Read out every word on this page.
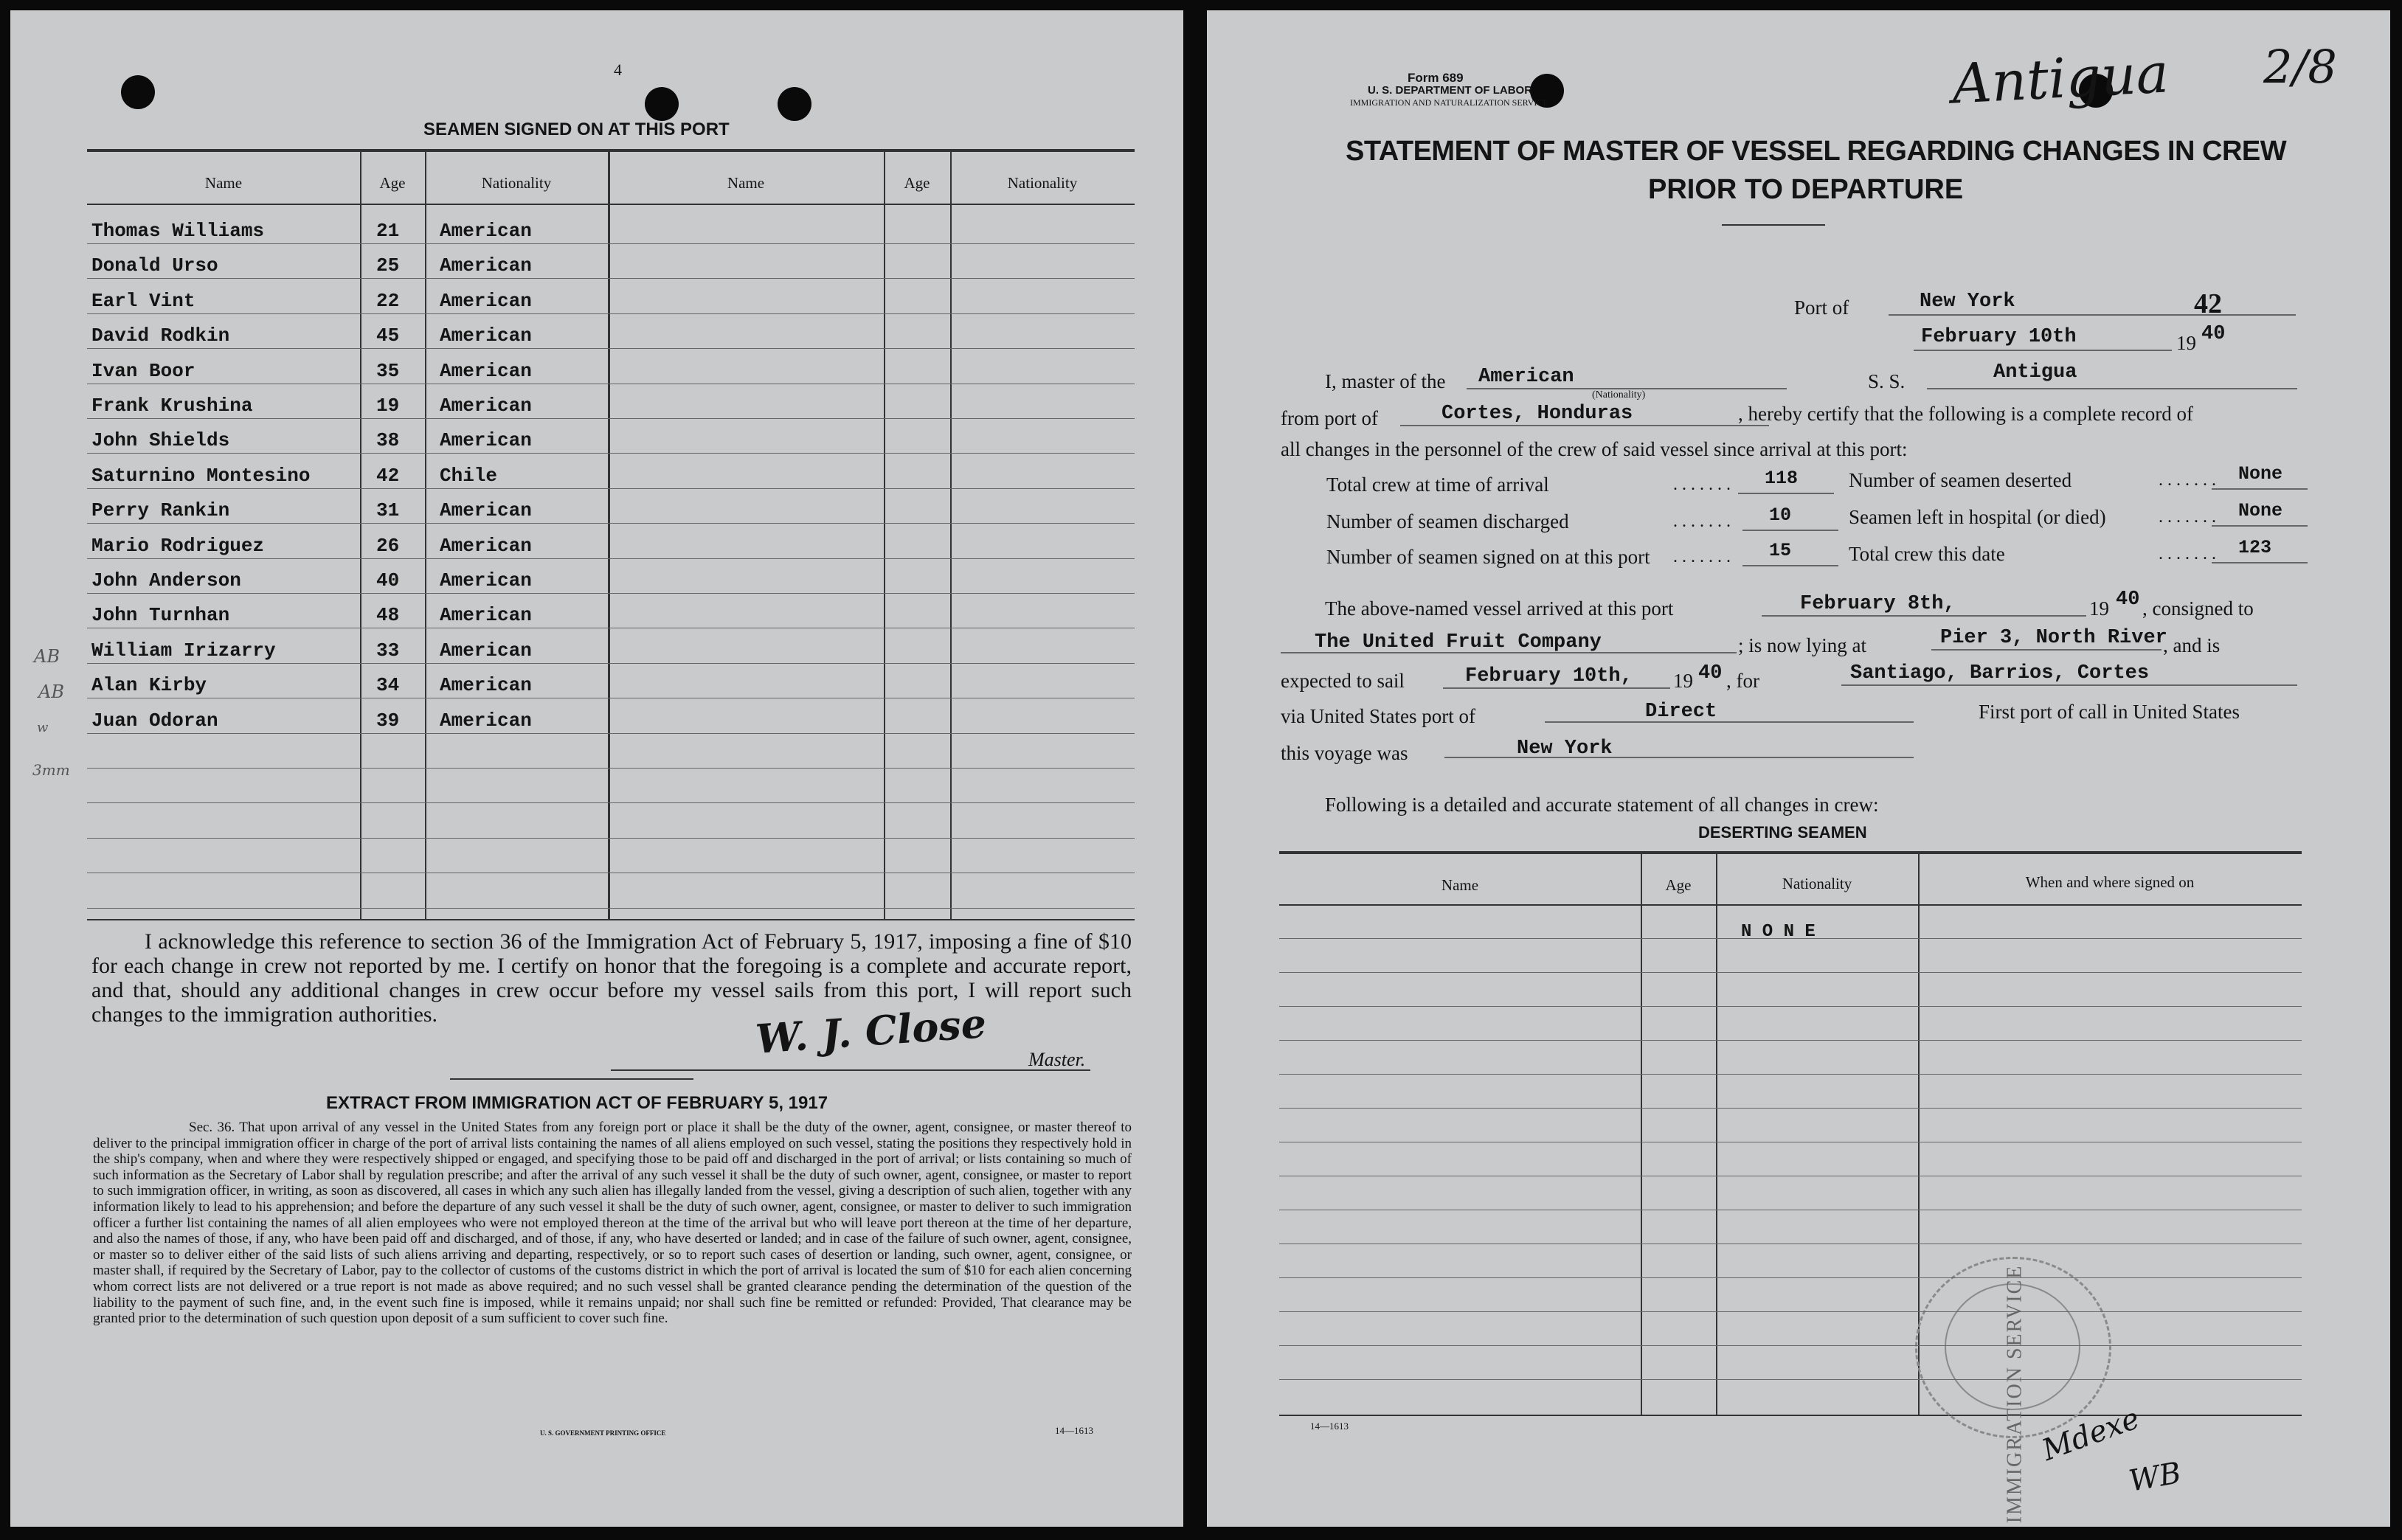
4
SEAMEN SIGNED ON AT THIS PORT
Name	Age	Nationality	Name	Age	Nationality
AB
AB
w
3mm
I acknowledge this reference to section 36 of the Immigration Act of February 5, 1917, imposing a fine of $10 for each change in crew not reported by me. I certify on honor that the foregoing is a complete and accurate report, and that, should any additional changes in crew occur before my vessel sails from this port, I will report such changes to the immigration authorities.	W. J. Close Master.
EXTRACT FROM IMMIGRATION ACT OF FEBRUARY 5, 1917
Sec. 36. That upon arrival of any vessel in the United States from any foreign port or place it shall be the duty of the owner, agent, consignee, or master thereof to deliver to the principal immigration officer in charge of the port of arrival lists containing the names of all aliens employed on such vessel, stating the positions they respectively hold in the ship's company, when and where they were respectively shipped or engaged, and specifying those to be paid off and discharged in the port of arrival; or lists containing so much of such information as the Secretary of Labor shall by regulation prescribe; and after the arrival of any such vessel it shall be the duty of such owner, agent, consignee, or master to report to such immigration officer, in writing, as soon as discovered, all cases in which any such alien has illegally landed from the vessel, giving a description of such alien, together with any information likely to lead to his apprehension; and before the departure of any such vessel it shall be the duty of such owner, agent, consignee, or master to deliver to such immigration officer a further list containing the names of all alien employees who were not employed thereon at the time of the arrival but who will leave port thereon at the time of her departure, and also the names of those, if any, who have been paid off and discharged, and of those, if any, who have deserted or landed; and in case of the failure of such owner, agent, consignee, or master so to deliver either of the said lists of such aliens arriving and departing, respectively, or so to report such cases of desertion or landing, such owner, agent, consignee, or master shall, if required by the Secretary of Labor, pay to the collector of customs of the customs district in which the port of arrival is located the sum of $10 for each alien concerning whom correct lists are not delivered or a true report is not made as above required; and no such vessel shall be granted clearance pending the determination of the question of the liability to the payment of such fine, and, in the event such fine is imposed, while it remains unpaid; nor shall such fine be remitted or refunded: Provided, That clearance may be granted prior to the determination of such question upon deposit of a sum sufficient to cover such fine.
U. S. GOVERNMENT PRINTING OFFICE	14—1613
Thomas Williams	21 American
Donald Urso	25 American
Earl Vint	22 American
David Rodkin	45 American
Ivan Boor	35 American
Frank Krushina	19 American
John Shields	38 American
Saturnino Montesino	42 Chile
Perry Rankin	31 American
Mario Rodriguez	26 American
John Anderson	40 American
John Turnhan	48 American
William Irizarry	33 American
Alan Kirby	34 American
Juan Odoran	39 American
Form 689
U. S. DEPARTMENT OF LABOR
IMMIGRATION AND NATURALIZATION SERVICE	Antigua 2/8
STATEMENT OF MASTER OF VESSEL REGARDING CHANGES IN CREW
PRIOR TO DEPARTURE
Port of	New York	42
February 10th	19 40
I, master of the American
(Nationality)
S. S.	Antigua
from port of	Cortes, Honduras	, hereby certify that the following is a complete record of
all changes in the personnel of the crew of said vessel since arrival at this port:
The above-named vessel arrived at this port	February 8th,	19 40 , consigned to
The United Fruit Company	; is now lying at	Pier 3, North River
, and is
expected to sail	February 10th, 19 40 , for	Santiago, Barrios, Cortes
via United States port of	Direct	First port of call in United States
this voyage was	New York
Following is a detailed and accurate statement of all changes in crew:
DESERTING SEAMEN
Name	Age	Nationality	When and where signed on
N O N E
14—1613	IMMIGRATION SERVICE Mdexe
WB
Total crew at time of arrival	. . . . . . . 118
Number of seamen discharged	. . . . . . . 10
Number of seamen signed on at this port . . . . . . . 15
Number of seamen deserted	. . . . . . . None
Seamen left in hospital (or died)	. . . . . . . None
Total crew this date	. . . . . . . 123
